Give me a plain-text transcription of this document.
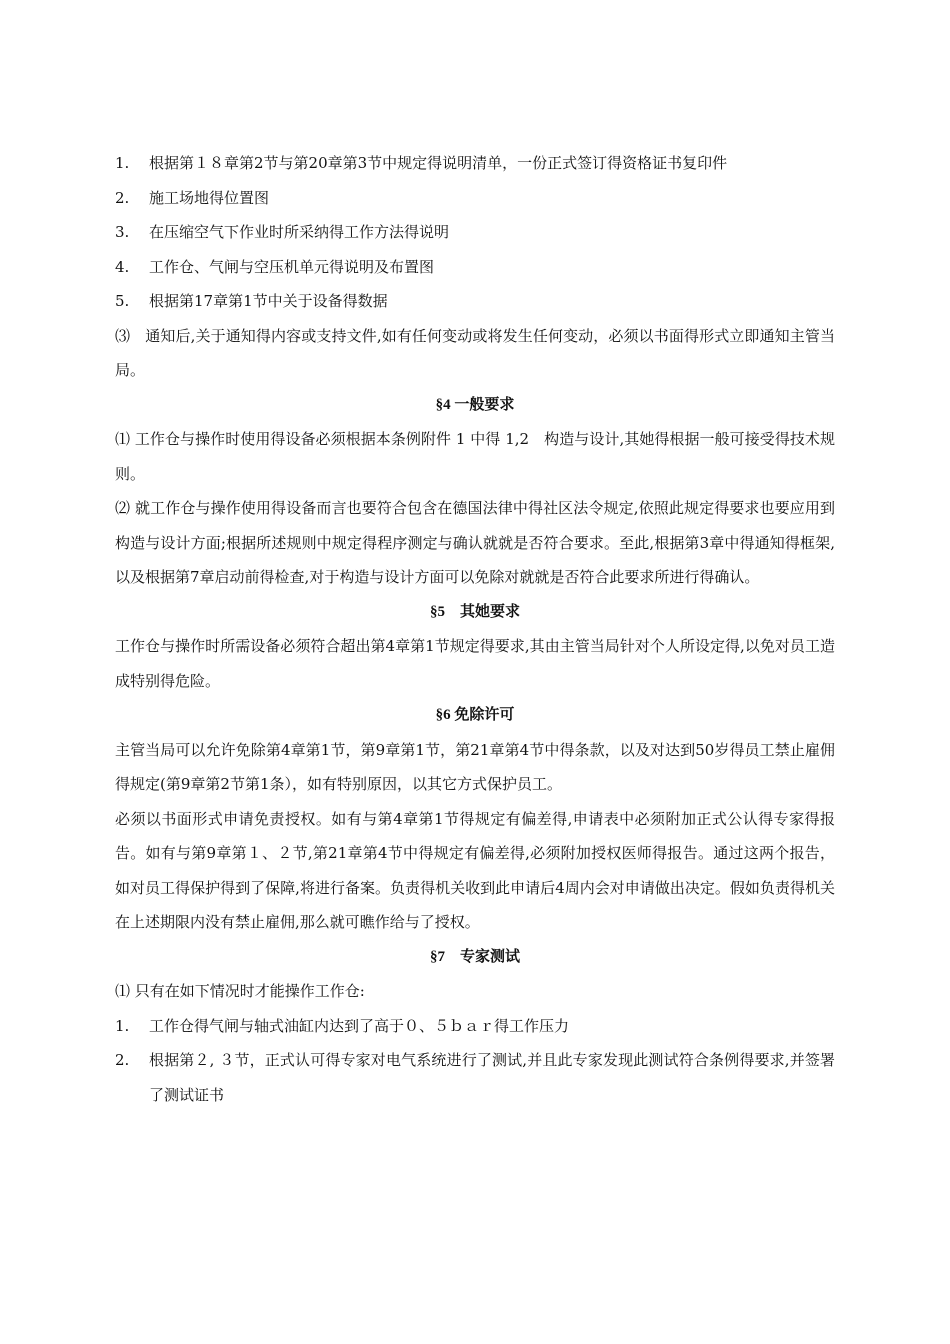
1. 根据第１８章第2节与第20章第3节中规定得说明清单，一份正式签订得资格证书复印件
2. 施工场地得位置图
3. 在压缩空气下作业时所采纳得工作方法得说明
4. 工作仓、气闸与空压机单元得说明及布置图
5. 根据第17章第1节中关于设备得数据
⑶　 通知后,关于通知得内容或支持文件,如有任何变动或将发生任何变动，必须以书面得形式立即通知主管当局。
§4 一般要求
⑴ 工作仓与操作时使用得设备必须根据本条例附件 1 中得 1,2　构造与设计,其她得根据一般可接受得技术规则。
⑵ 就工作仓与操作使用得设备而言也要符合包含在德国法律中得社区法令规定,依照此规定得要求也要应用到构造与设计方面;根据所述规则中规定得程序测定与确认就就是否符合要求。至此,根据第3章中得通知得框架,以及根据第7章启动前得检查,对于构造与设计方面可以免除对就就是否符合此要求所进行得确认。
§5　其她要求
工作仓与操作时所需设备必须符合超出第4章第1节规定得要求,其由主管当局针对个人所设定得,以免对员工造成特别得危险。
§6 免除许可
主管当局可以允许免除第4章第1节，第9章第1节，第21章第4节中得条款，以及对达到50岁得员工禁止雇佣得规定(第9章第2节第1条），如有特别原因，以其它方式保护员工。
必须以书面形式申请免责授权。如有与第4章第1节得规定有偏差得,申请表中必须附加正式公认得专家得报告。如有与第9章第１、２节,第21章第4节中得规定有偏差得,必须附加授权医师得报告。通过这两个报告，如对员工得保护得到了保障,将进行备案。负责得机关收到此申请后4周内会对申请做出决定。假如负责得机关在上述期限内没有禁止雇佣,那么就可瞧作给与了授权。
§7　专家测试
⑴ 只有在如下情况时才能操作工作仓:
1. 工作仓得气闸与轴式油缸内达到了高于０、５ｂａｒ得工作压力
2. 根据第２, ３节，正式认可得专家对电气系统进行了测试,并且此专家发现此测试符合条例得要求,并签署了测试证书
